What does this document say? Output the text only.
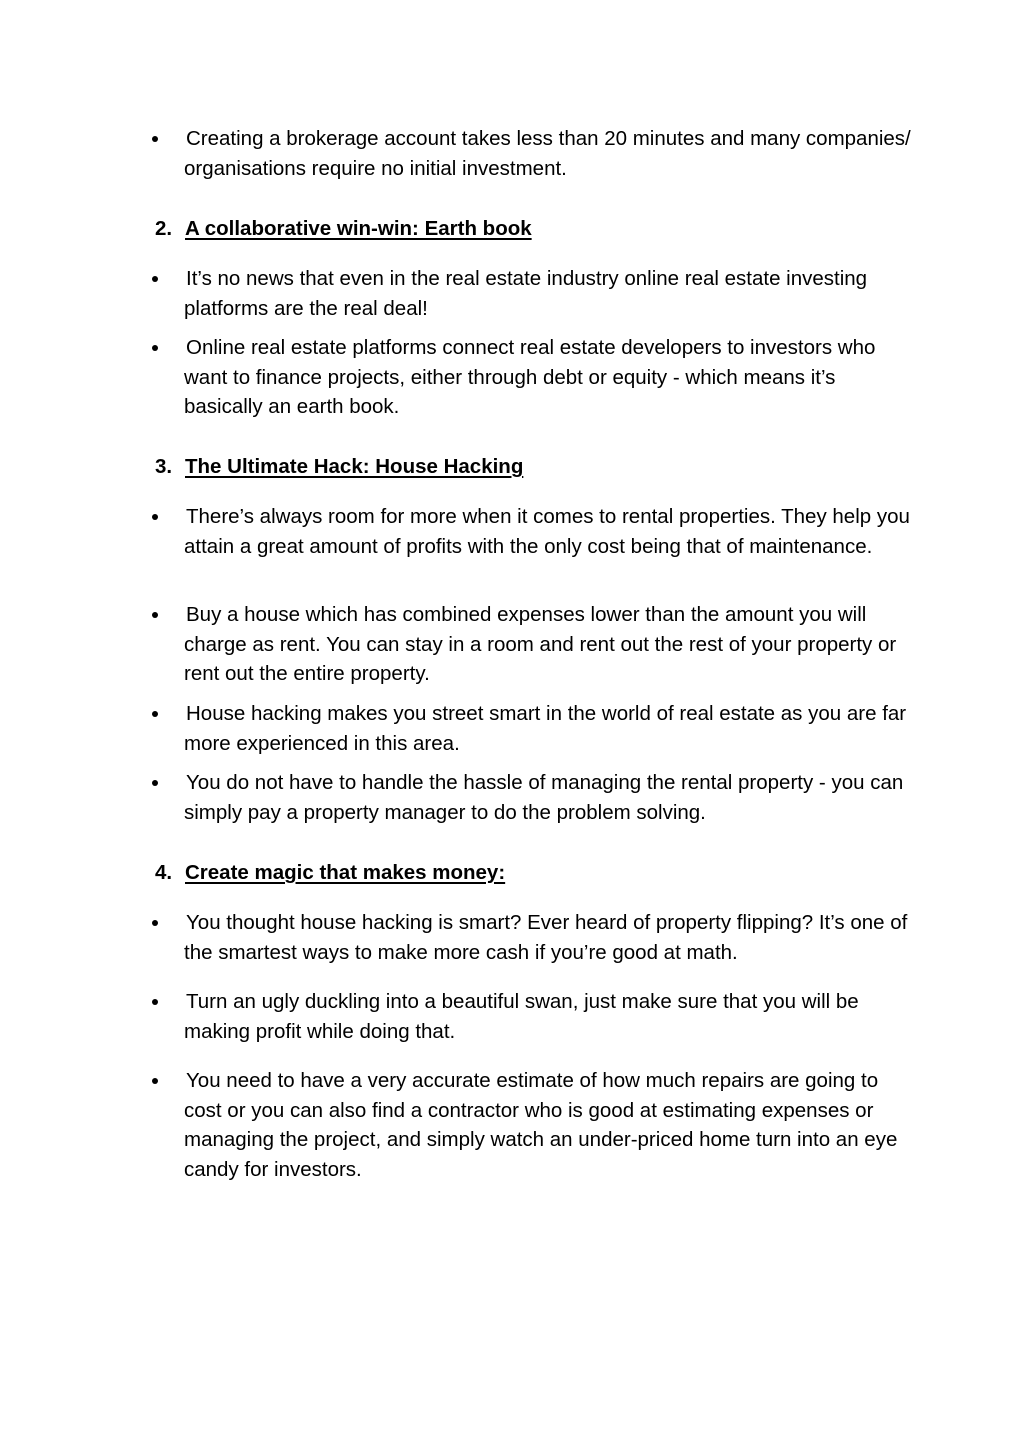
Creating a brokerage account takes less than 20 minutes and many companies/ organisations require no initial investment.
2. A collaborative win-win: Earth book
It’s no news that even in the real estate industry online real estate investing platforms are the real deal!
Online real estate platforms connect real estate developers to investors who want to finance projects, either through debt or equity - which means it’s basically an earth book.
3. The Ultimate Hack: House Hacking
There’s always room for more when it comes to rental properties. They help you attain a great amount of profits with the only cost being that of maintenance.
Buy a house which has combined expenses lower than the amount you will charge as rent. You can stay in a room and rent out the rest of your property or rent out the entire property.
House hacking makes you street smart in the world of real estate as you are far more experienced in this area.
You do not have to handle the hassle of managing the rental property - you can simply pay a property manager to do the problem solving.
4. Create magic that makes money:
You thought house hacking is smart? Ever heard of property flipping? It’s one of the smartest ways to make more cash if you’re good at math.
Turn an ugly duckling into a beautiful swan, just make sure that you will be making profit while doing that.
You need to have a very accurate estimate of how much repairs are going to cost or you can also find a contractor who is good at estimating expenses or managing the project, and simply watch an under-priced home turn into an eye candy for investors.
